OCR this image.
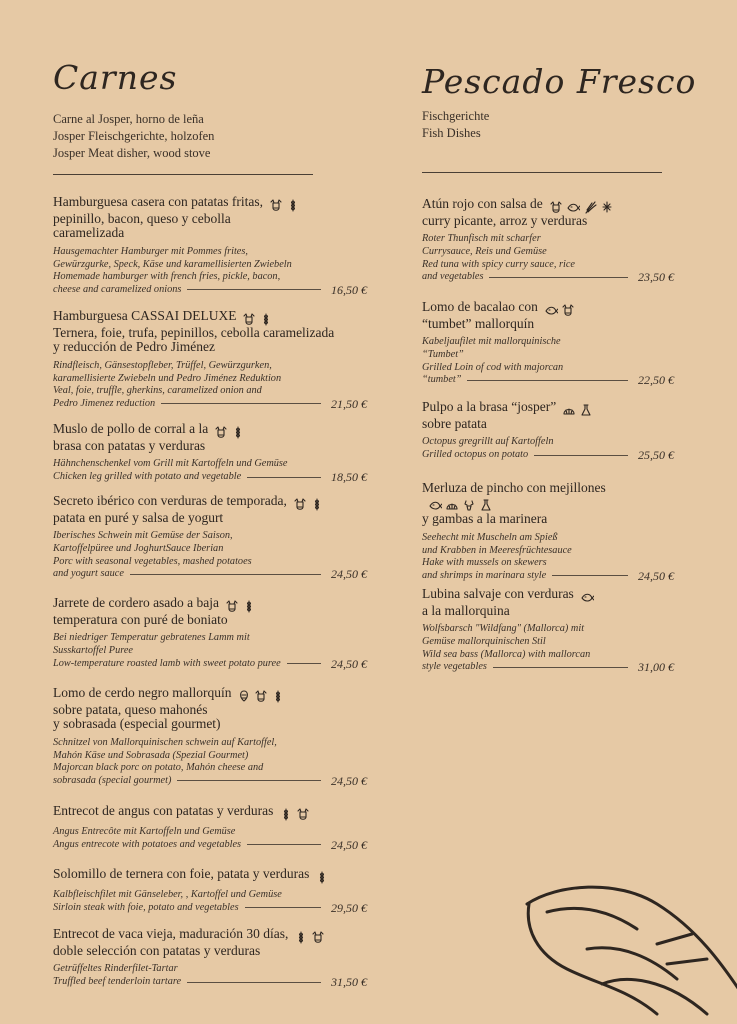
Carnes
Carne al Josper, horno de leña
Josper Fleischgerichte, holzofen
Josper Meat disher, wood stove
Pescado Fresco
Fischgerichte
Fish Dishes
Hamburguesa casera con patatas fritas,
pepinillo, bacon, queso y cebolla
caramelizada
Hausgemachter Hamburger mit Pommes frites,
Gewürzgurke, Speck, Käse und karamellisierten Zwiebeln
Homemade hamburger with french fries, pickle, bacon,
cheese and caramelized onions	16,50 €
Hamburguesa CASSAI DELUXE
Ternera, foie, trufa, pepinillos, cebolla caramelizada
y reducción de Pedro Jiménez
Rindfleisch, Gänsestopfleber, Trüffel, Gewürzgurken,
karamellisierte Zwiebeln und Pedro Jiménez Reduktion
Veal, foie, truffle, gherkins, caramelized onion and
Pedro Jimenez reduction	21,50 €
Muslo de pollo de corral a la
brasa con patatas y verduras
Hähnchenschenkel vom Grill mit Kartoffeln und Gemüse
Chicken leg grilled with potato and vegetable	18,50 €
Secreto ibérico con verduras de temporada,
patata en puré y salsa de yogurt
Iberisches Schwein mit Gemüse der Saison,
Kartoffelpüree und JoghurtSauce Iberian
Porc with seasonal vegetables, mashed potatoes
and yogurt sauce	24,50 €
Jarrete de cordero asado a baja
temperatura con puré de boniato
Bei niedriger Temperatur gebratenes Lamm mit
Susskartoffel Puree
Low-temperature roasted lamb with sweet potato puree	24,50 €
Lomo de cerdo negro mallorquín
sobre patata, queso mahonés
y sobrasada (especial gourmet)
Schnitzel von Mallorquinischen schwein auf Kartoffel,
Mahón Käse und Sobrasada (Spezial Gourmet)
Majorcan black porc on potato, Mahón cheese and
sobrasada (special gourmet)	24,50 €
Entrecot de angus con patatas y verduras
Angus Entrecôte mit Kartoffeln und Gemüse
Angus entrecote with potatoes and vegetables	24,50 €
Solomillo de ternera con foie, patata y verduras
Kalbfleischfilet mit Gänseleber, , Kartoffel und Gemüse
Sirloin steak with foie, potato and vegetables	29,50 €
Entrecot de vaca vieja, maduración 30 días,
doble selección con patatas y verduras
Getrüffeltes Rinderfilet-Tartar
Truffled beef tenderloin tartare	31,50 €
Atún rojo con salsa de
curry picante, arroz y verduras
Roter Thunfisch mit scharfer
Currysauce, Reis und Gemüse
Red tuna with spicy curry sauce, rice
and vegetables	23,50 €
Lomo de bacalao con
“tumbet” mallorquín
Kabeljaufilet mit mallorquinische
“Tumbet”
Grilled Loin of cod with majorcan
“tumbet”	22,50 €
Pulpo a la brasa “josper”
sobre patata
Octopus gregrillt auf Kartoffeln
Grilled octopus on potato	25,50 €
Merluza de pincho con mejillones
y gambas a la marinera
Seehecht mit Muscheln am Spieß
und Krabben in Meeresfrüchtesauce
Hake with mussels on skewers
and shrimps in marinara style	24,50 €
Lubina salvaje con verduras
a la mallorquina
Wolfsbarsch "Wildfang" (Mallorca) mit
Gemüse mallorquinischen Stil
Wild sea bass (Mallorca) with mallorcan
style vegetables	31,00 €
